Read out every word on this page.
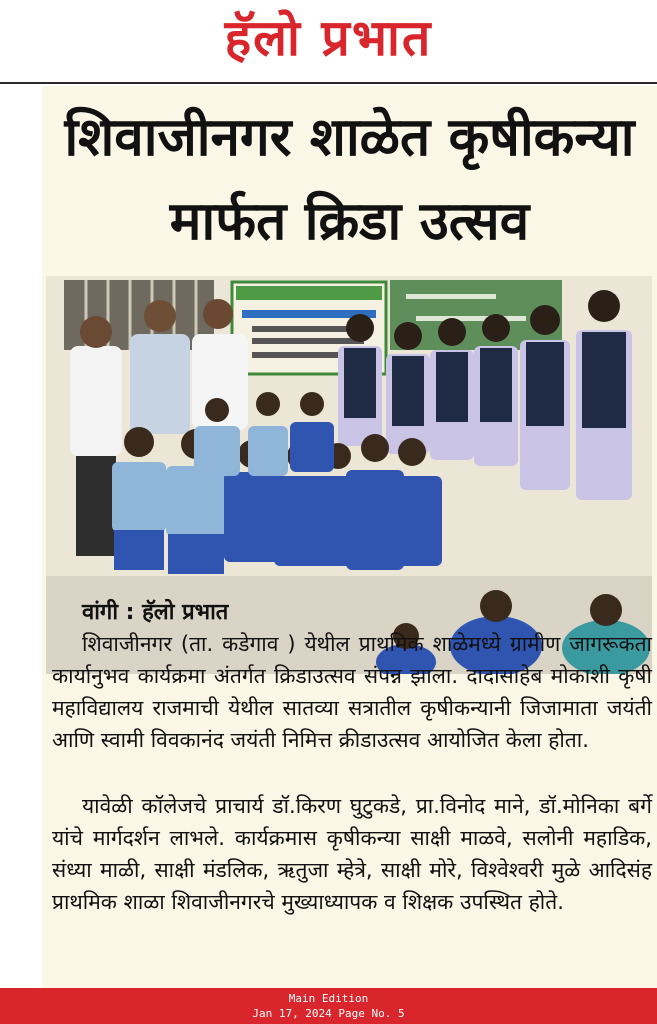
हॅलो प्रभात
शिवाजीनगर शाळेत कृषीकन्या
मार्फत क्रिडा उत्सव
वांगी : हॅलो प्रभात

शिवाजीनगर (ता. कडेगाव ) येथील प्राथमिक शाळेमध्ये ग्रामीण जागरूकता कार्यानुभव कार्यक्रमा अंतर्गत क्रिडाउत्सव संपन्न झाला. दादासाहेब मोकाशी कृषी महाविद्यालय राजमाची येथील सातव्या सत्रातील कृषीकन्यानी जिजामाता जयंती आणि स्वामी विवकानंद जयंती निमित्त क्रीडाउत्सव आयोजित केला होता.

यावेळी कॉलेजचे प्राचार्य डॉ.किरण घुटुकडे, प्रा.विनोद माने, डॉ.मोनिका बर्गे यांचे मार्गदर्शन लाभले. कार्यक्रमास कृषीकन्या साक्षी माळवे, सलोनी महाडिक, संध्या माळी, साक्षी मंडलिक, ऋतुजा म्हेत्रे, साक्षी मोरे, विश्वेश्वरी मुळे आदिसंह प्राथमिक शाळा शिवाजीनगरचे मुख्याध्यापक व शिक्षक उपस्थित होते.

Main Edition
Jan 17, 2024 Page No. 5
